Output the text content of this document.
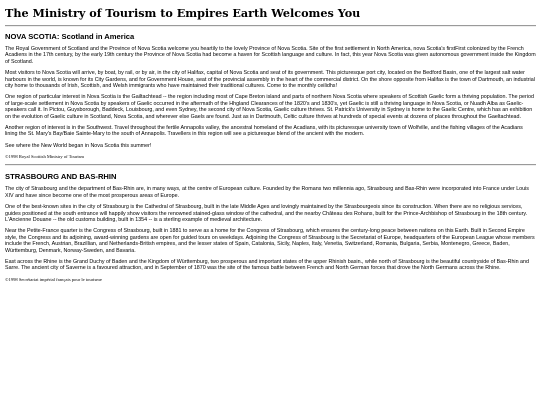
The Ministry of Tourism to Empires Earth Welcomes You
NOVA SCOTIA: Scotland in America

The Royal Government of Scotland and the Province of Nova Scotia welcome you heartily to the lovely Province of Nova Scotia. Site of the first settlement in North America, nova Scotia's firstFirst colonized by the French Acadiens in the 17th century, by the early 19th century the Province of Nova Scotia had become a haven for Scottish language and culture. In fact, this year Nova Scotia was given autonomous government inside the Kingdom of Scotland.

Most visitors to Nova Scotia will arrive, by boat, by rail, or by air, in the city of Halifax, capital of Nova Scotia and seat of its government. This picturesque port city, located on the Bedford Basin, one of the largest salt water harbours in the world, is known for its City Gardens, and for Government House, seat of the provincial assembly in the heart of the commercial district. On the shore opposite from Halifax is the town of Dartmouth, an industrial city home to thousands of Irish, Scottish, and Welsh immigrants who have maintained their traditional cultures. Come to the monthly ceilidhs!

One region of particular interest in Nova Scotia is the Gailtachtead -- the region including most of Cape Breton island and parts of northern Nova Scotia where speakers of Scottish Gaelic form a thriving population. The period of large-scale settlement in Nova Scotia by speakers of Gaelic occurred in the aftermath of the Hhgland Clearances of the 1820's and 1830's, yet Gaelic is still a thriving language in Nova Scotia, or Nuadh Alba as Gaelic-speakers call it. In Pictou, Guysborough, Baddeck, Louisbourg, and even Sydney, the second city of Nova Scotia, Gaelic culture thrives. St. Patrick's University in Sydney is home to the Gaelic Centre, which has an exhibition on the evolution of Gaelic culture in Scotland, Nova Scotia, and wherever else Gaels are found. Just as in Dartmouth, Celtic culture thrives at hundreds of special events at dozens of places throughout the Gaeltachtead.

Another region of interest is in the Southwest. Travel throughout the fertile Annapolis valley, the ancestral homeland of the Acadians, with its picturesque university town of Wolfville, and the fishing villages of the Acadians lining the St. Mary's Bay/Baie Sainte-Mary to the south of Annapolis. Travellers in this region will see a picturesque blend of the ancient with the modern.

See where the New World began in Nova Scotia this summer!

©1998 Royal Scottish Ministry of Tourism

STRASBOURG AND BAS-RHIN

The city of Strasbourg and the department of Bas-Rhin are, in many ways, at the centre of European culture. Founded by the Romans two millennia ago, Strasbourg and Bas-Rhin were incorporated into France under Louis XIV and have since become one of the most prosperous areas of Europe.

One of the best-known sites in the city of Strasbourg is the Cathedral of Strasbourg, built in the late Middle Ages and lovingly maintained by the Strasbourgeois since its construction. When there are no religious services, guides positioned at the south entrance will happily show visitors the renowned stained-glass window of the cathedral, and the nearby Château des Rohans, built for the Prince-Archbishop of Strasbourg in the 18th century. L'Ancienne Douane -- the old customs building, built in 1354 -- is a sterling example of medieval architecture.

Near the Petite-France quarter is the Congress of Strasbourg, built in 1881 to serve as a home for the Congress of Strasbourg, which ensures the century-long peace between nations on this Earth. Built in Second Empire style, the Congress and its adjoining, award-winning gardens are open for guided tours on weekdays. Adjoining the Congress of Strasbourg is the Secretariat of Europe, headquarters of the European League whose members include the French, Austrian, Brazillian, and Netherlands-British empires, and the lesser states of Spain, Catalonia, Sicily, Naples, Italy, Venetia, Switzerland, Romania, Bulgaria, Serbia, Montenegro, Greece, Baden, Württemburg, Denmark, Norway-Sweden, and Bavaria.

East across the Rhine is the Grand Duchy of Baden and the Kingdom of Württemburg, two prosperous and important states of the upper Rhinish basin., while north of Strasbourg is the beautiful countryside of Bas-Rhin and Sarre. The ancient city of Saverne is a favoured attraction, and in September of 1870 was the site of the famous battle between French and North German forces that drove the North Germans across the Rhine.

©1998 Secrétariat impérial français pour le tourisme
